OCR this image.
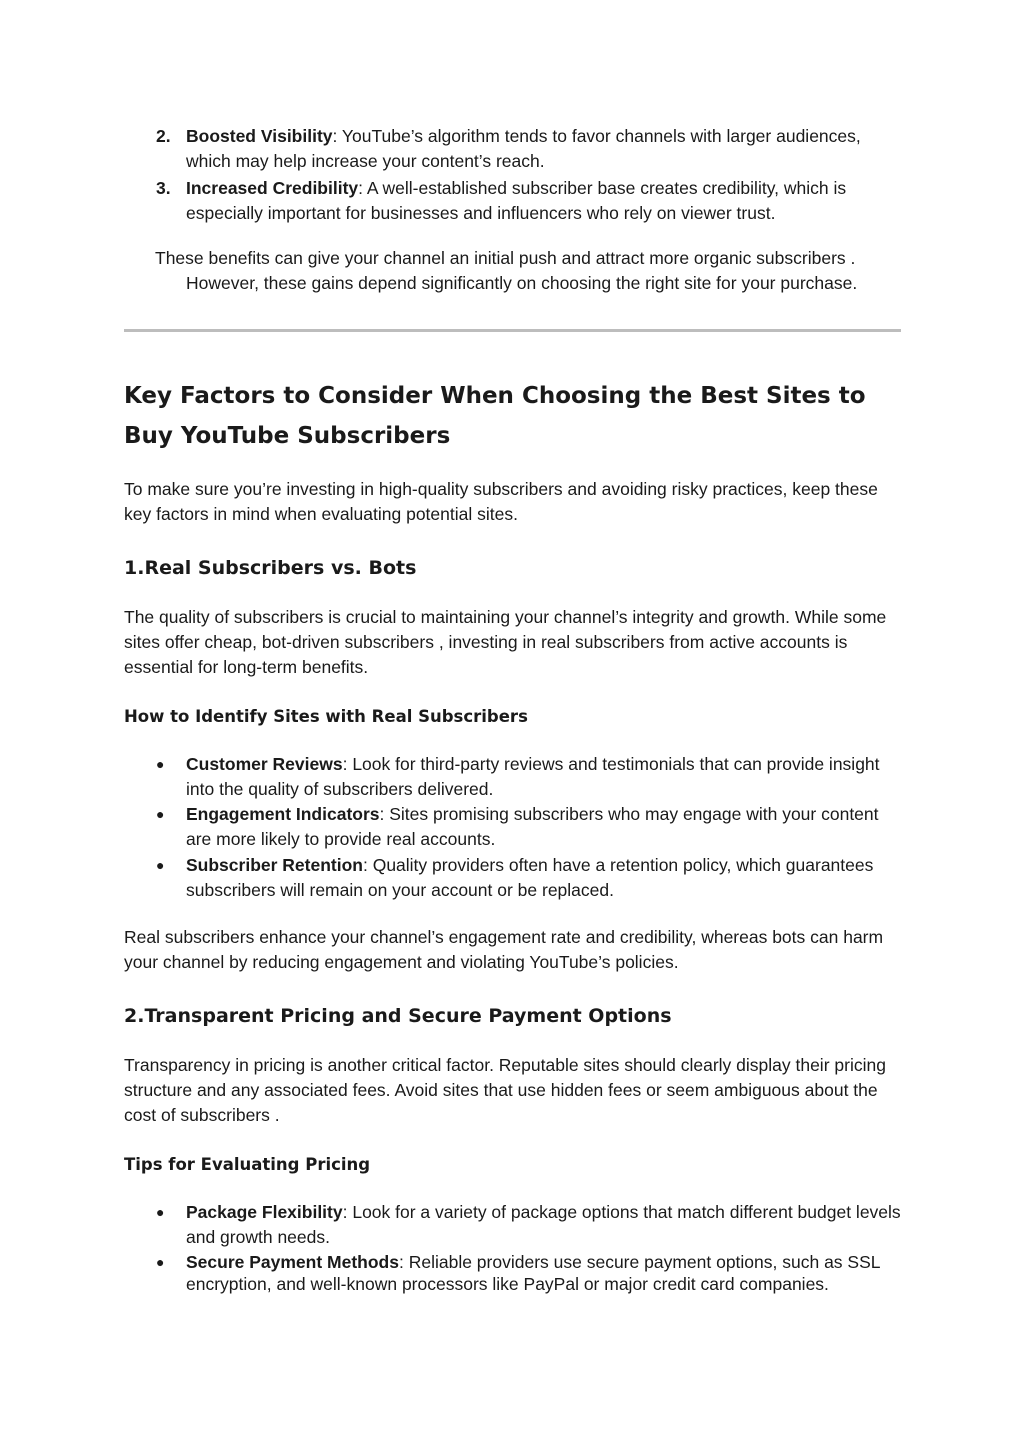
2. Boosted Visibility: YouTube’s algorithm tends to favor channels with larger audiences, which may help increase your content’s reach.
3. Increased Credibility: A well-established subscriber base creates credibility, which is especially important for businesses and influencers who rely on viewer trust.

These benefits can give your channel an initial push and attract more organic subscribers . However, these gains depend significantly on choosing the right site for your purchase.

Key Factors to Consider When Choosing the Best Sites to Buy YouTube Subscribers

To make sure you’re investing in high-quality subscribers and avoiding risky practices, keep these key factors in mind when evaluating potential sites.

1.Real Subscribers vs. Bots

The quality of subscribers is crucial to maintaining your channel’s integrity and growth. While some sites offer cheap, bot-driven subscribers , investing in real subscribers from active accounts is essential for long-term benefits.

How to Identify Sites with Real Subscribers
● Customer Reviews: Look for third-party reviews and testimonials that can provide insight into the quality of subscribers delivered.
● Engagement Indicators: Sites promising subscribers who may engage with your content are more likely to provide real accounts.
● Subscriber Retention: Quality providers often have a retention policy, which guarantees subscribers will remain on your account or be replaced.

Real subscribers enhance your channel’s engagement rate and credibility, whereas bots can harm your channel by reducing engagement and violating YouTube’s policies.

2.Transparent Pricing and Secure Payment Options

Transparency in pricing is another critical factor. Reputable sites should clearly display their pricing structure and any associated fees. Avoid sites that use hidden fees or seem ambiguous about the cost of subscribers .

Tips for Evaluating Pricing
● Package Flexibility: Look for a variety of package options that match different budget levels and growth needs.
● Secure Payment Methods: Reliable providers use secure payment options, such as SSL encryption, and well-known processors like PayPal or major credit card companies.
